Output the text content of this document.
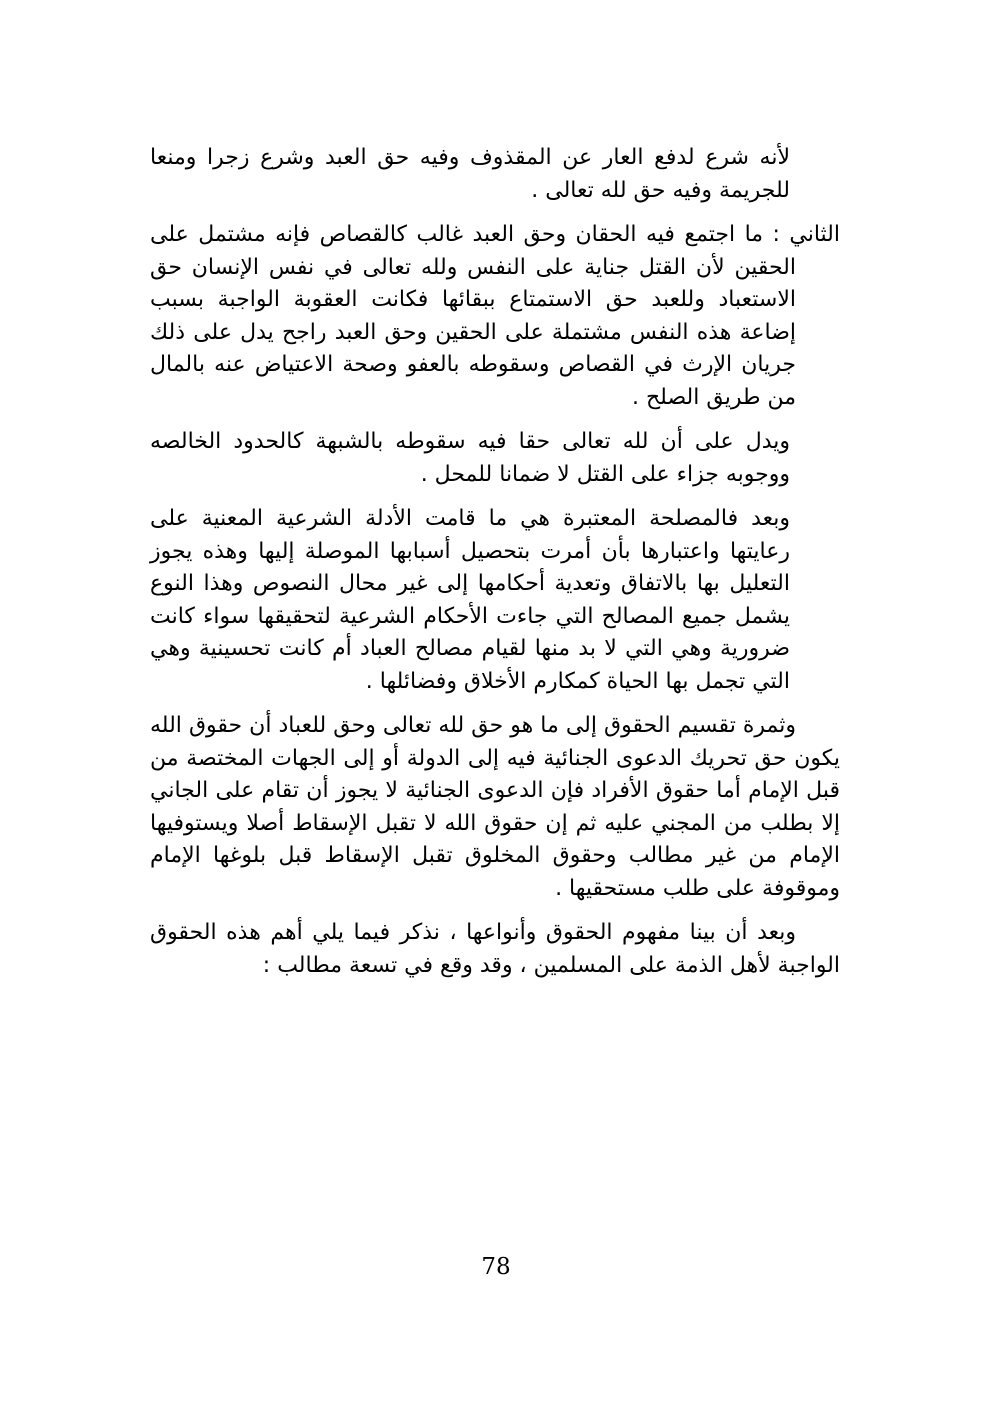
لأنه شرع لدفع العار عن المقذوف وفيه حق العبد وشرع زجرا ومنعا للجريمة وفيه حق لله تعالى .

الثاني : ما اجتمع فيه الحقان وحق العبد غالب كالقصاص فإنه مشتمل على الحقين لأن القتل جناية على النفس ولله تعالى في نفس الإنسان حق الاستعباد وللعبد حق الاستمتاع ببقائها فكانت العقوبة الواجبة بسبب إضاعة هذه النفس مشتملة على الحقين وحق العبد راجح يدل على ذلك جريان الإرث في القصاص وسقوطه بالعفو وصحة الاعتياض عنه بالمال من طريق الصلح .

ويدل على أن لله تعالى حقا فيه سقوطه بالشبهة كالحدود الخالصه ووجوبه جزاء على القتل لا ضمانا للمحل .

وبعد فالمصلحة المعتبرة هي ما قامت الأدلة الشرعية المعنية على رعايتها واعتبارها بأن أمرت بتحصيل أسبابها الموصلة إليها وهذه يجوز التعليل بها بالاتفاق وتعدية أحكامها إلى غير محال النصوص وهذا النوع يشمل جميع المصالح التي جاءت الأحكام الشرعية لتحقيقها سواء كانت ضرورية وهي التي لا بد منها لقيام مصالح العباد أم كانت تحسينية وهي التي تجمل بها الحياة كمكارم الأخلاق وفضائلها .

وثمرة تقسيم الحقوق إلى ما هو حق لله تعالى وحق للعباد أن حقوق الله يكون حق تحريك الدعوى الجنائية فيه إلى الدولة أو إلى الجهات المختصة من قبل الإمام أما حقوق الأفراد فإن الدعوى الجنائية لا يجوز أن تقام على الجاني إلا بطلب من المجني عليه ثم إن حقوق الله لا تقبل الإسقاط أصلا ويستوفيها الإمام من غير مطالب وحقوق المخلوق تقبل الإسقاط قبل بلوغها الإمام وموقوفة على طلب مستحقيها .

وبعد أن بينا مفهوم الحقوق وأنواعها ، نذكر فيما يلي أهم هذه الحقوق الواجبة لأهل الذمة على المسلمين ، وقد وقع في تسعة مطالب :

78
